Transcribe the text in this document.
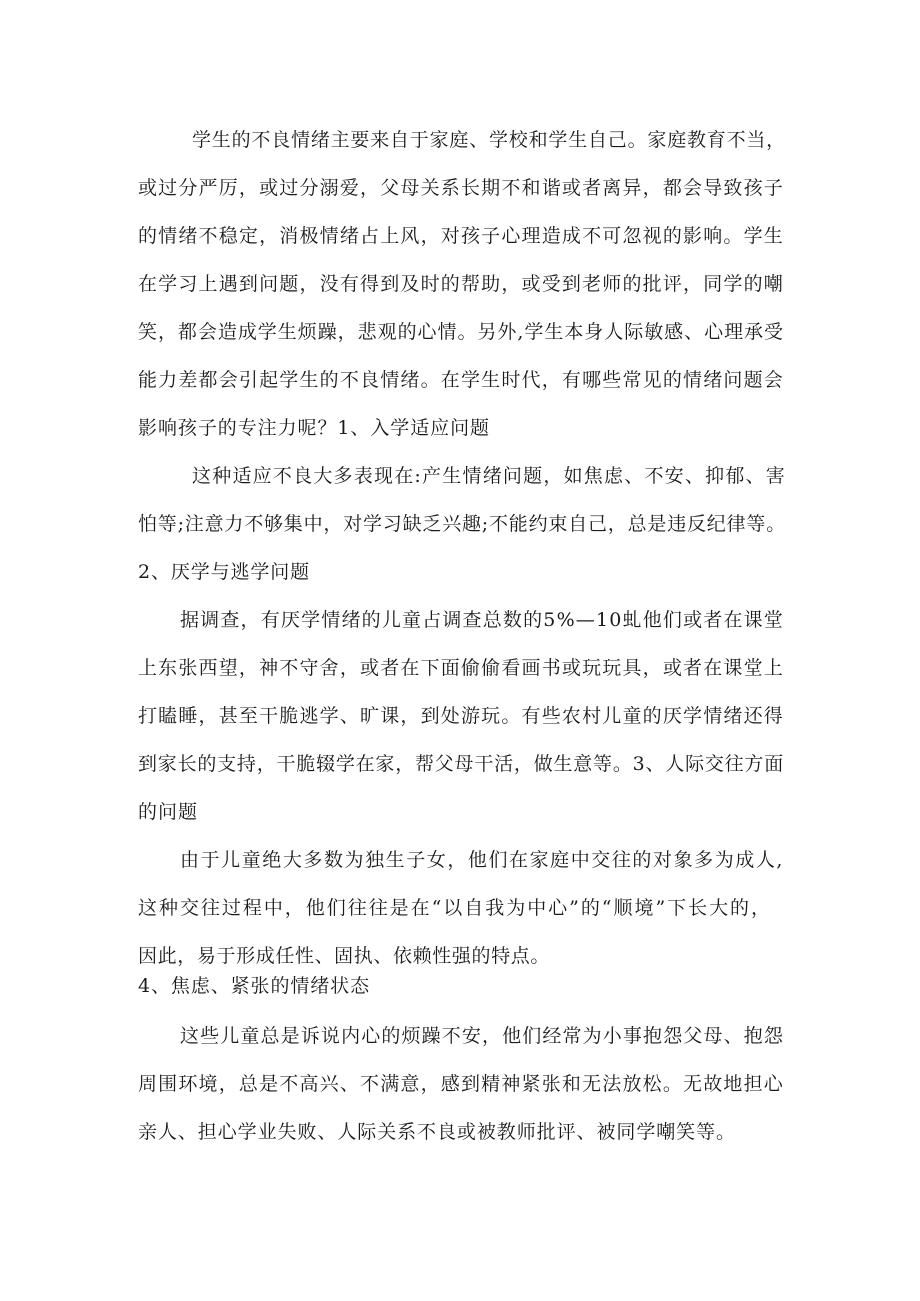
学生的不良情绪主要来自于家庭、学校和学生自己。家庭教育不当，
或过分严厉，或过分溺爱，父母关系长期不和谐或者离异，都会导致孩子
的情绪不稳定，消极情绪占上风，对孩子心理造成不可忽视的影响。学生
在学习上遇到问题，没有得到及时的帮助，或受到老师的批评，同学的嘲
笑，都会造成学生烦躁，悲观的心情。另外,学生本身人际敏感、心理承受
能力差都会引起学生的不良情绪。在学生时代，有哪些常见的情绪问题会
影响孩子的专注力呢？1、入学适应问题
这种适应不良大多表现在:产生情绪问题，如焦虑、不安、抑郁、害
怕等;注意力不够集中，对学习缺乏兴趣;不能约束自己，总是违反纪律等。
2、厌学与逃学问题
据调查，有厌学情绪的儿童占调查总数的5%—10虬他们或者在课堂
上东张西望，神不守舍，或者在下面偷偷看画书或玩玩具，或者在课堂上
打瞌睡，甚至干脆逃学、旷课，到处游玩。有些农村儿童的厌学情绪还得
到家长的支持，干脆辍学在家，帮父母干活，做生意等。3、人际交往方面
的问题
由于儿童绝大多数为独生子女，他们在家庭中交往的对象多为成人,
这种交往过程中，他们往往是在“以自我为中心”的“顺境”下长大的，
因此，易于形成任性、固执、依赖性强的特点。
4、焦虑、紧张的情绪状态
这些儿童总是诉说内心的烦躁不安，他们经常为小事抱怨父母、抱怨
周围环境，总是不高兴、不满意，感到精神紧张和无法放松。无故地担心
亲人、担心学业失败、人际关系不良或被教师批评、被同学嘲笑等。
